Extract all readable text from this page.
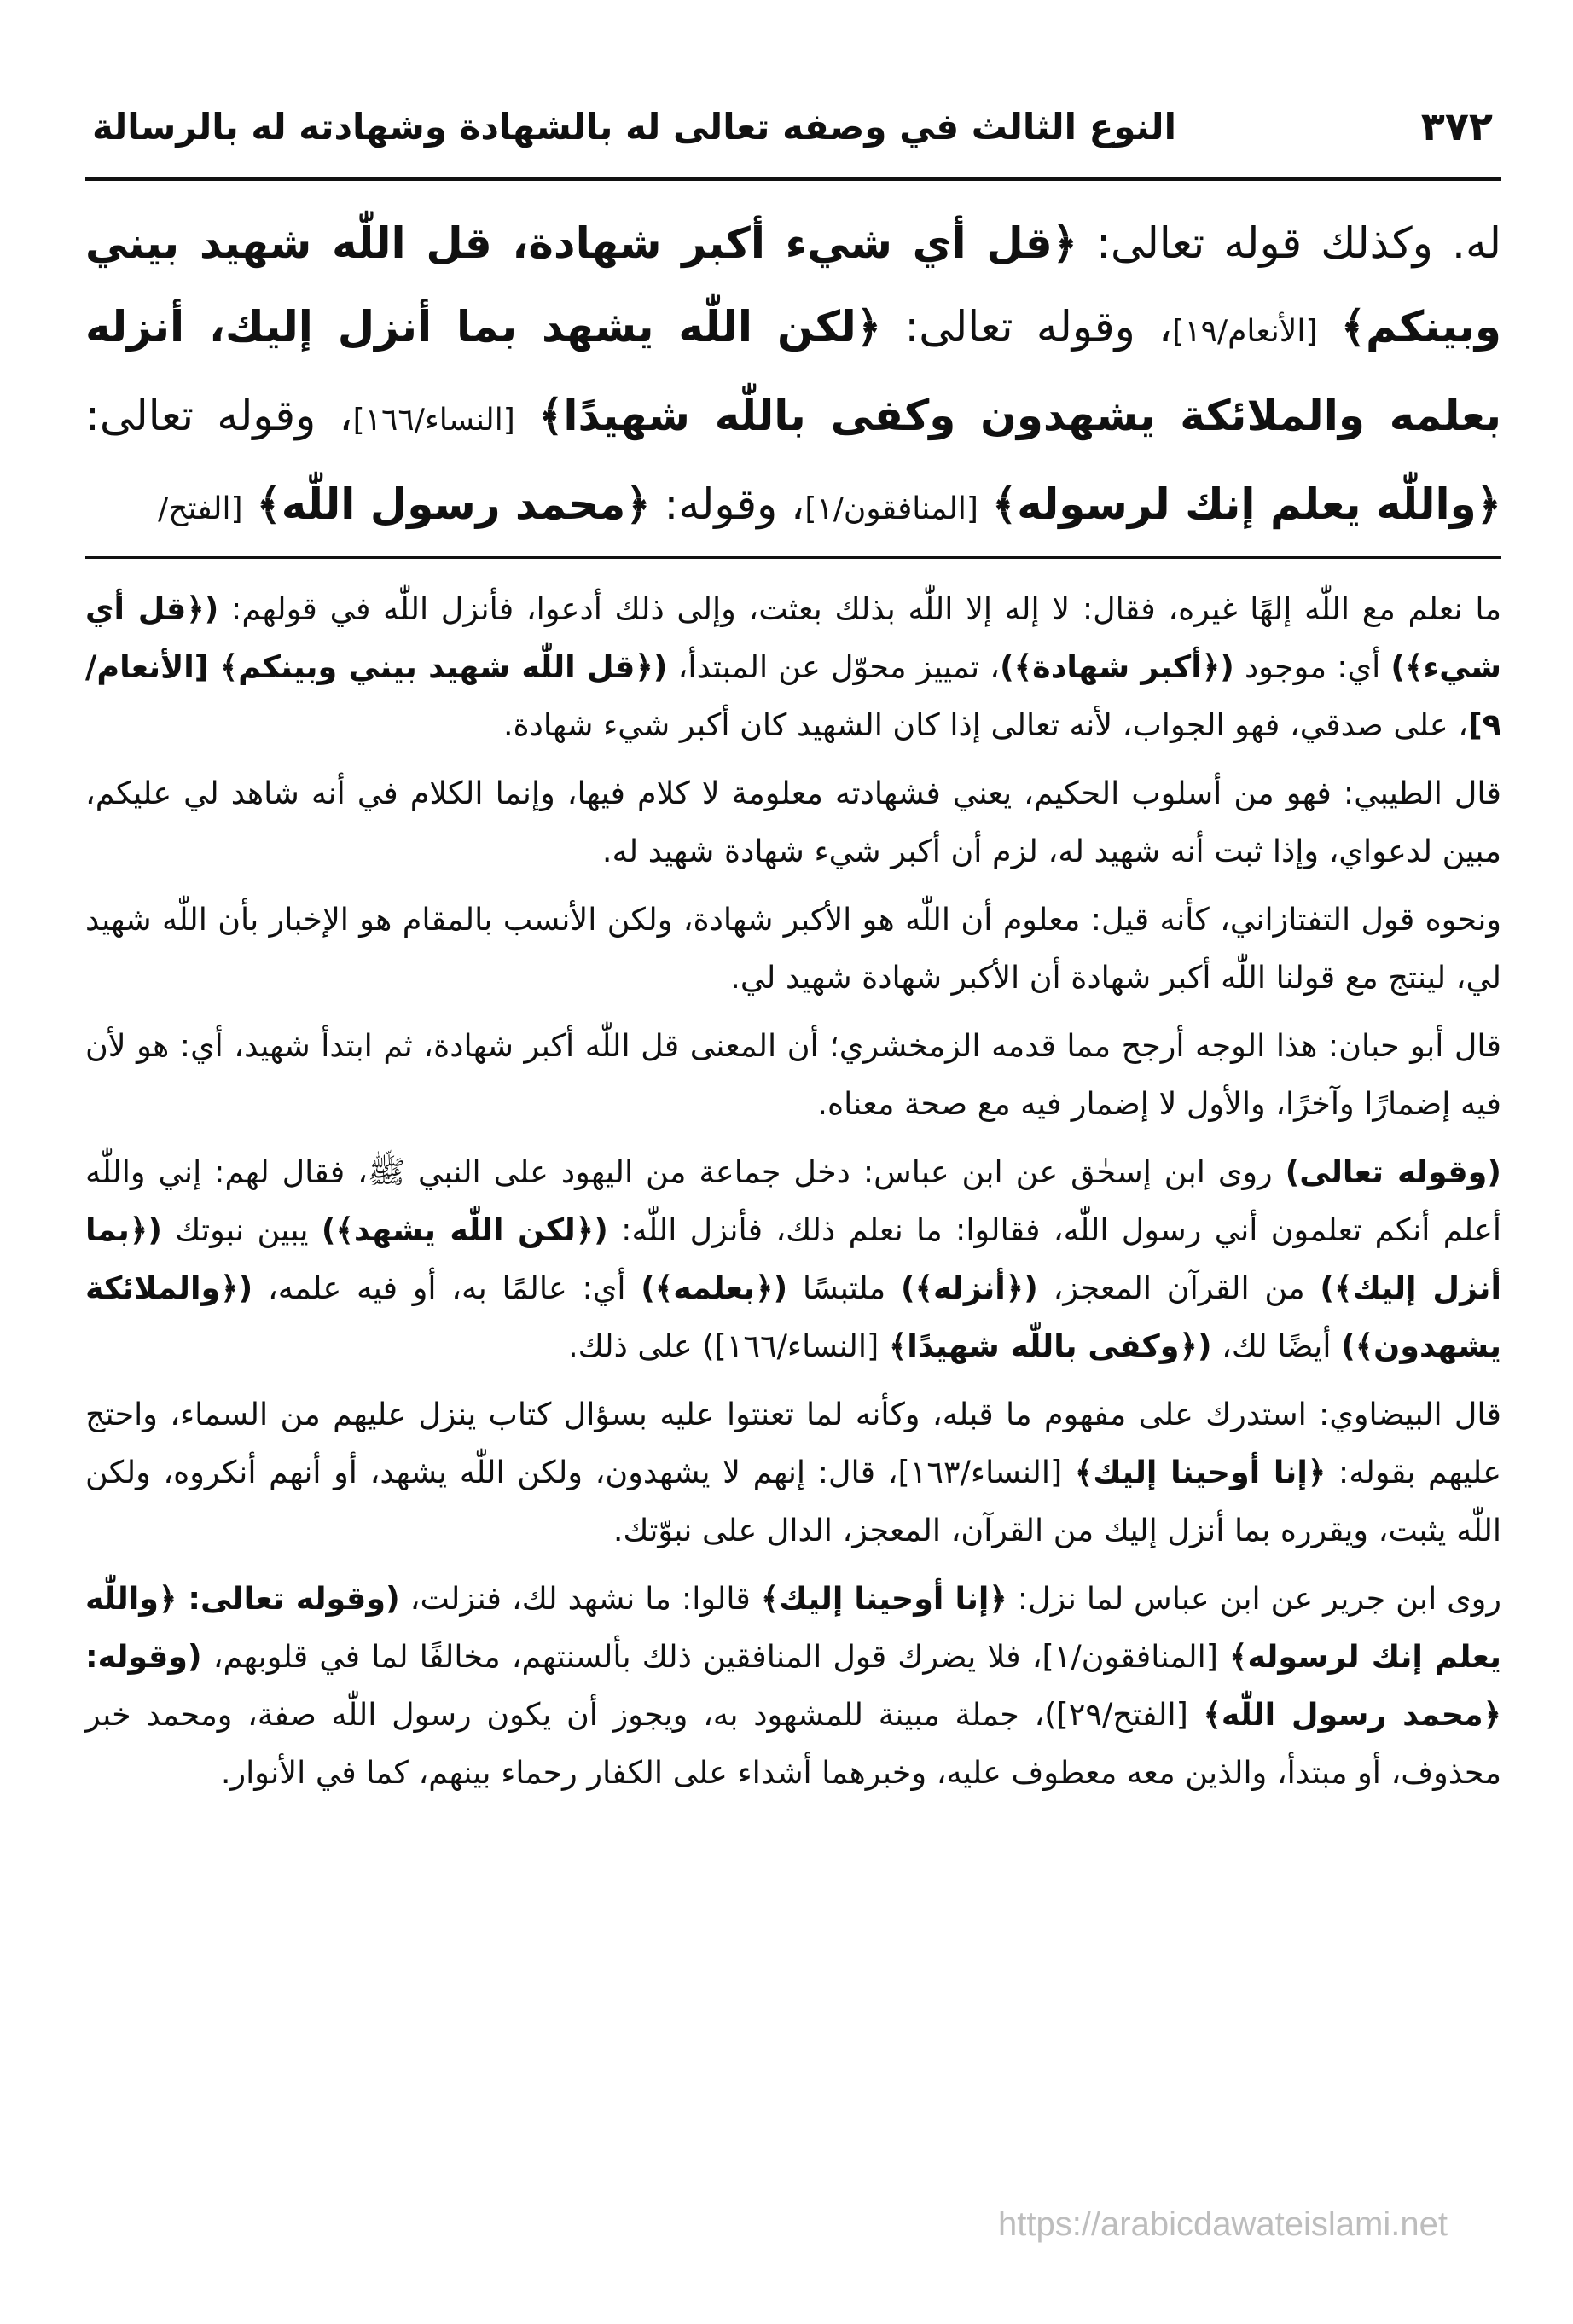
٣٧٢
النوع الثالث في وصفه تعالى له بالشهادة وشهادته له بالرسالة
له. وكذلك قوله تعالى: ﴿قل أي شيء أكبر شهادة، قل اللّٰه شهيد بيني وبينكم﴾ [الأنعام/١٩]، وقوله تعالى: ﴿لكن اللّٰه يشهد بما أنزل إليك، أنزله بعلمه والملائكة يشهدون وكفى باللّٰه شهيدًا﴾ [النساء/١٦٦]، وقوله تعالى: ﴿واللّٰه يعلم إنك لرسوله﴾ [المنافقون/١]، وقوله: ﴿محمد رسول اللّٰه﴾ [الفتح/

ما نعلم مع اللّٰه إلهًا غيره، فقال: لا إله إلا اللّٰه بذلك بعثت، وإلى ذلك أدعوا، فأنزل اللّٰه في قولهم: (﴿قل أي شيء﴾) أي: موجود (﴿أكبر شهادة﴾)، تمييز محوّل عن المبتدأ، (﴿قل اللّٰه شهيد بيني وبينكم﴾ [الأنعام/٩]، على صدقي، فهو الجواب، لأنه تعالى إذا كان الشهيد كان أكبر شيء شهادة.

قال الطيبي: فهو من أسلوب الحكيم، يعني فشهادته معلومة لا كلام فيها، وإنما الكلام في أنه شاهد لي عليكم، مبين لدعواي، وإذا ثبت أنه شهيد له، لزم أن أكبر شيء شهادة شهيد له.

ونحوه قول التفتازاني، كأنه قيل: معلوم أن اللّٰه هو الأكبر شهادة، ولكن الأنسب بالمقام هو الإخبار بأن اللّٰه شهيد لي، لينتج مع قولنا اللّٰه أكبر شهادة أن الأكبر شهادة شهيد لي.

قال أبو حبان: هذا الوجه أرجح مما قدمه الزمخشري؛ أن المعنى قل اللّٰه أكبر شهادة، ثم ابتدأ شهيد، أي: هو لأن فيه إضمارًا وآخرًا، والأول لا إضمار فيه مع صحة معناه.

(وقوله تعالى) روى ابن إسحٰق عن ابن عباس: دخل جماعة من اليهود على النبي ﷺ، فقال لهم: إني واللّٰه أعلم أنكم تعلمون أني رسول اللّٰه، فقالوا: ما نعلم ذلك، فأنزل اللّٰه: (﴿لكن اللّٰه يشهد﴾) يبين نبوتك (﴿بما أنزل إليك﴾) من القرآن المعجز، (﴿أنزله﴾) ملتبسًا (﴿بعلمه﴾) أي: عالمًا به، أو فيه علمه، (﴿والملائكة يشهدون﴾) أيضًا لك، (﴿وكفى باللّٰه شهيدًا﴾ [النساء/١٦٦]) على ذلك.

قال البيضاوي: استدرك على مفهوم ما قبله، وكأنه لما تعنتوا عليه بسؤال كتاب ينزل عليهم من السماء، واحتج عليهم بقوله: ﴿إنا أوحينا إليك﴾ [النساء/١٦٣]، قال: إنهم لا يشهدون، ولكن اللّٰه يشهد، أو أنهم أنكروه، ولكن اللّٰه يثبت، ويقرره بما أنزل إليك من القرآن، المعجز، الدال على نبوّتك.

روى ابن جرير عن ابن عباس لما نزل: ﴿إنا أوحينا إليك﴾ قالوا: ما نشهد لك، فنزلت، (وقوله تعالى: ﴿واللّٰه يعلم إنك لرسوله﴾ [المنافقون/١]، فلا يضرك قول المنافقين ذلك بألسنتهم، مخالفًا لما في قلوبهم، (وقوله: ﴿محمد رسول اللّٰه﴾ [الفتح/٢٩])، جملة مبينة للمشهود به، ويجوز أن يكون رسول اللّٰه صفة، ومحمد خبر محذوف، أو مبتدأ، والذين معه معطوف عليه، وخبرهما أشداء على الكفار رحماء بينهم، كما في الأنوار.

https://arabicdawateislami.net
